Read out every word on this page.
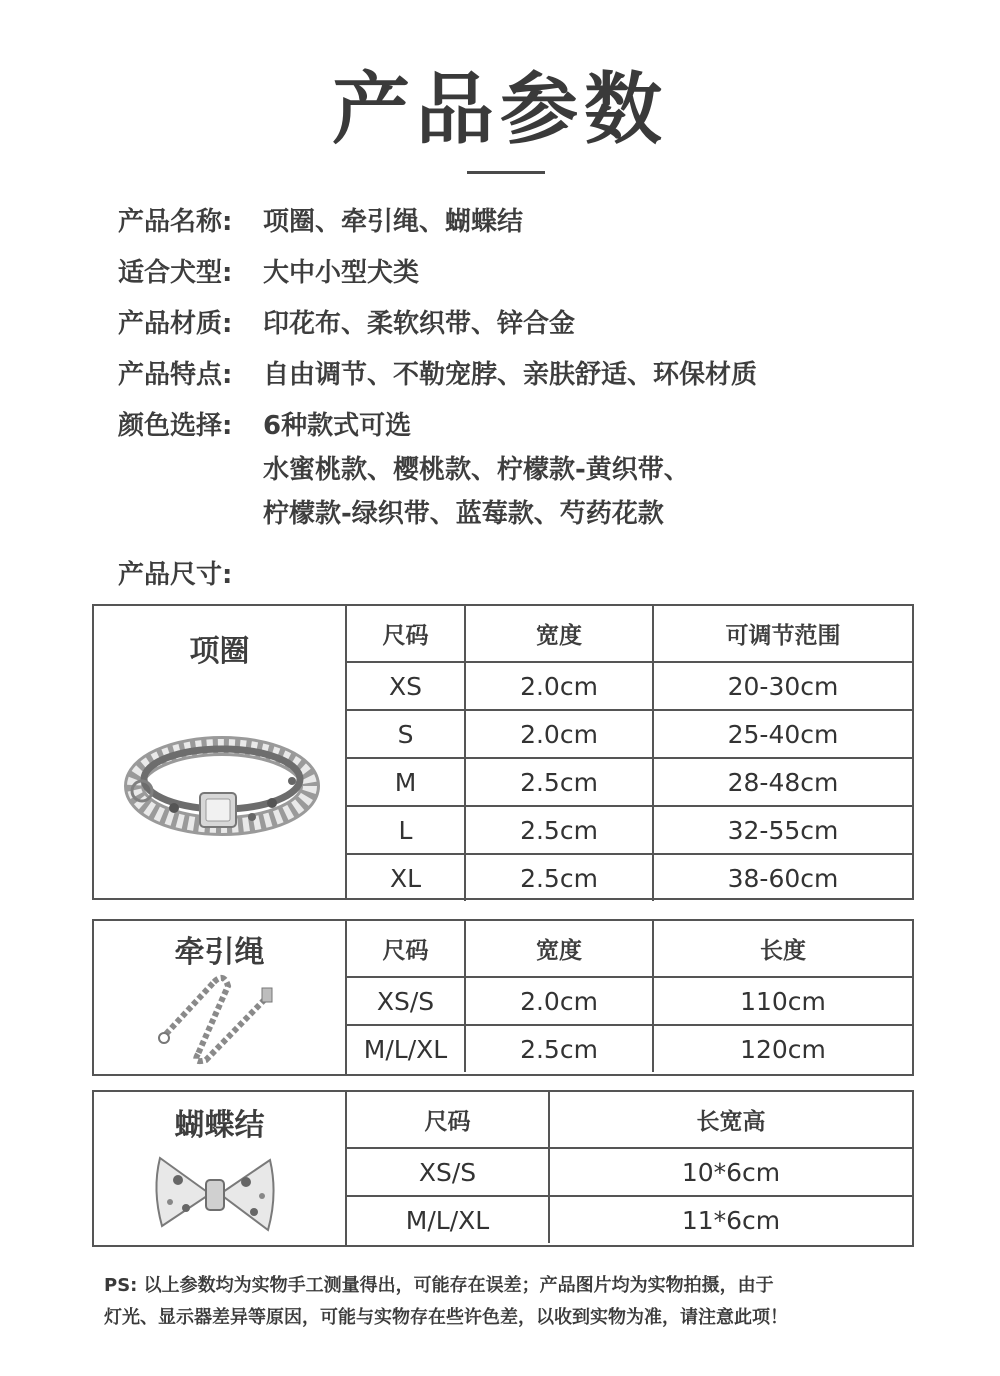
产品参数
产品名称:	项圈、牵引绳、蝴蝶结
适合犬型:	大中小型犬类
产品材质:	印花布、柔软织带、锌合金
产品特点:	自由调节、不勒宠脖、亲肤舒适、环保材质
颜色选择:	6种款式可选
水蜜桃款、樱桃款、柠檬款-黄织带、
柠檬款-绿织带、蓝莓款、芍药花款
产品尺寸:
项圈	尺码	宽度	可调节范围
XS	2.0cm	20-30cm
S	2.0cm	25-40cm
M	2.5cm	28-48cm
L	2.5cm	32-55cm
XL	2.5cm	38-60cm
牵引绳	尺码	宽度	长度
XS/S	2.0cm	110cm
M/L/XL	2.5cm	120cm
蝴蝶结	尺码	长宽高
XS/S	10*6cm
M/L/XL	11*6cm
PS: 以上参数均为实物手工测量得出，可能存在误差；产品图片均为实物拍摄，由于
灯光、显示器差异等原因，可能与实物存在些许色差，以收到实物为准，请注意此项！
